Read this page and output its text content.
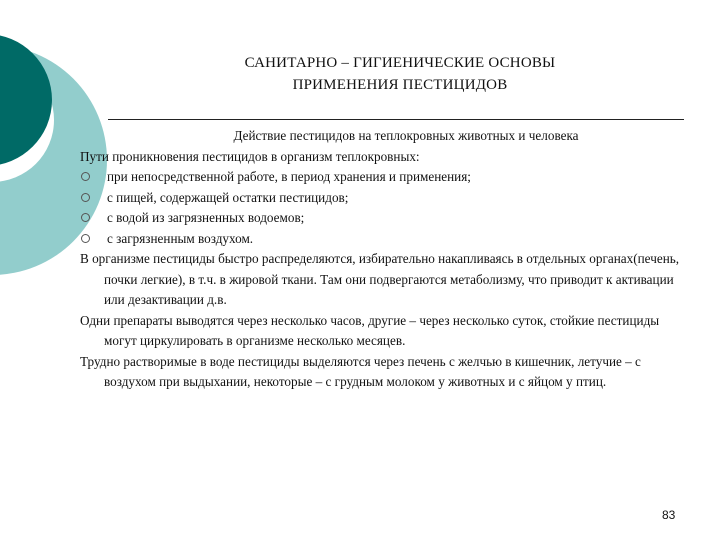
САНИТАРНО – ГИГИЕНИЧЕСКИЕ ОСНОВЫ
ПРИМЕНЕНИЯ ПЕСТИЦИДОВ

Действие пестицидов на теплокровных животных и человека

Пути проникновения пестицидов в организм теплокровных:

при непосредственной работе, в период хранения и применения;
с пищей, содержащей остатки пестицидов;
с водой из загрязненных водоемов;
с загрязненным воздухом.

В организме пестициды быстро распределяются, избирательно накапливаясь в отдельных органах(печень, почки легкие), в т.ч. в жировой ткани. Там они подвергаются метаболизму, что приводит к активации или дезактивации д.в.

Одни препараты выводятся через несколько часов, другие – через несколько суток, стойкие пестициды могут циркулировать в организме несколько месяцев.

Трудно растворимые в воде пестициды выделяются через печень с желчью в кишечник, летучие – с воздухом при выдыхании, некоторые – с грудным молоком у животных и с яйцом у птиц.

83
